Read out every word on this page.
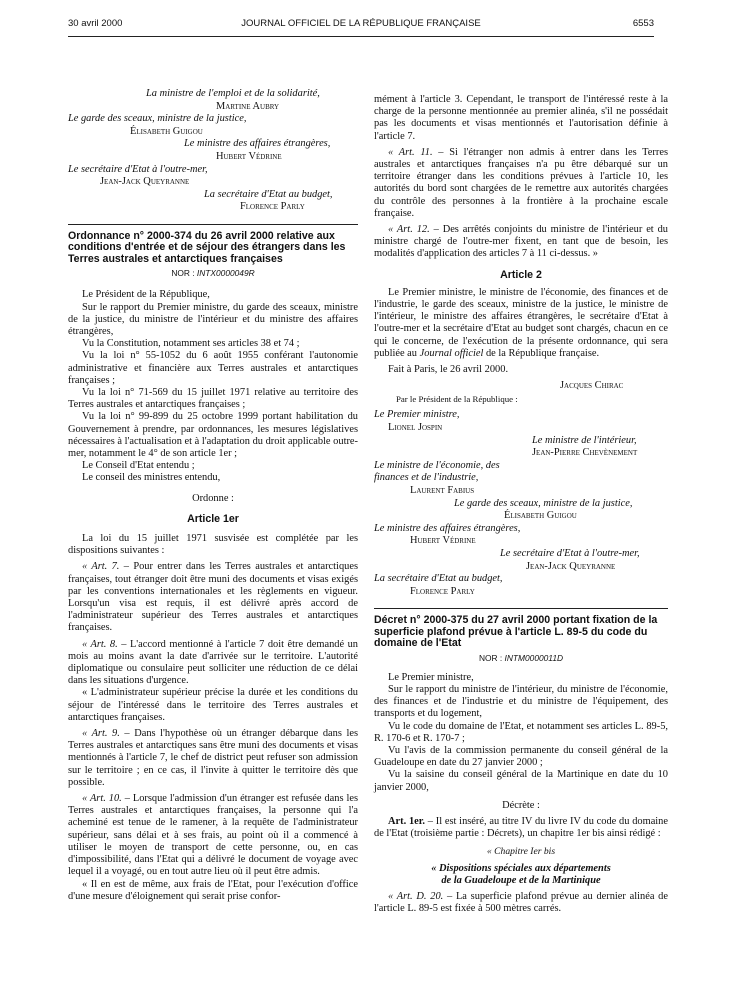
30 avril 2000	JOURNAL OFFICIEL DE LA RÉPUBLIQUE FRANÇAISE	6553
La ministre de l'emploi et de la solidarité,
Martine Aubry
Le garde des sceaux, ministre de la justice,
Élisabeth Guigou
Le ministre des affaires étrangères,
Hubert Védrine
Le secrétaire d'Etat à l'outre-mer,
Jean-Jack Queyranne
La secrétaire d'Etat au budget,
Florence Parly

Ordonnance n° 2000-374 du 26 avril 2000 relative aux conditions d'entrée et de séjour des étrangers dans les Terres australes et antarctiques françaises

NOR : INTX0000049R

Le Président de la République,

Sur le rapport du Premier ministre, du garde des sceaux, ministre de la justice, du ministre de l'intérieur et du ministre des affaires étrangères,

Vu la Constitution, notamment ses articles 38 et 74 ;

Vu la loi n° 55-1052 du 6 août 1955 conférant l'autonomie administrative et financière aux Terres australes et antarctiques françaises ;

Vu la loi n° 71-569 du 15 juillet 1971 relative au territoire des Terres australes et antarctiques françaises ;

Vu la loi n° 99-899 du 25 octobre 1999 portant habilitation du Gouvernement à prendre, par ordonnances, les mesures législatives nécessaires à l'actualisation et à l'adaptation du droit applicable outre-mer, notamment le 4° de son article 1er ;

Le Conseil d'Etat entendu ;

Le conseil des ministres entendu,

Ordonne :

Article 1er

La loi du 15 juillet 1971 susvisée est complétée par les dispositions suivantes :

« Art. 7. – Pour entrer dans les Terres australes et antarctiques françaises, tout étranger doit être muni des documents et visas exigés par les conventions internationales et les règlements en vigueur. Lorsqu'un visa est requis, il est délivré après accord de l'administrateur supérieur des Terres australes et antarctiques françaises.

« Art. 8. – L'accord mentionné à l'article 7 doit être demandé un mois au moins avant la date d'arrivée sur le territoire. L'autorité diplomatique ou consulaire peut solliciter une réduction de ce délai dans les situations d'urgence.

« L'administrateur supérieur précise la durée et les conditions du séjour de l'intéressé dans le territoire des Terres australes et antarctiques françaises.

« Art. 9. – Dans l'hypothèse où un étranger débarque dans les Terres australes et antarctiques sans être muni des documents et visas mentionnés à l'article 7, le chef de district peut refuser son admission sur le territoire ; en ce cas, il l'invite à quitter le territoire dès que possible.

« Art. 10. – Lorsque l'admission d'un étranger est refusée dans les Terres australes et antarctiques françaises, la personne qui l'a acheminé est tenue de le ramener, à la requête de l'administrateur supérieur, sans délai et à ses frais, au point où il a commencé à utiliser le moyen de transport de cette personne, ou, en cas d'impossibilité, dans l'Etat qui a délivré le document de voyage avec lequel il a voyagé, ou en tout autre lieu où il peut être admis.

« Il en est de même, aux frais de l'Etat, pour l'exécution d'office d'une mesure d'éloignement qui serait prise confor-

mément à l'article 3. Cependant, le transport de l'intéressé reste à la charge de la personne mentionnée au premier alinéa, s'il ne possédait pas les documents et visas mentionnés et l'autorisation définie à l'article 7.

« Art. 11. – Si l'étranger non admis à entrer dans les Terres australes et antarctiques françaises n'a pu être débarqué sur un territoire étranger dans les conditions prévues à l'article 10, les autorités du bord sont chargées de le remettre aux autorités chargées du contrôle des personnes à la frontière à la prochaine escale française.

« Art. 12. – Des arrêtés conjoints du ministre de l'intérieur et du ministre chargé de l'outre-mer fixent, en tant que de besoin, les modalités d'application des articles 7 à 11 ci-dessus. »

Article 2

Le Premier ministre, le ministre de l'économie, des finances et de l'industrie, le garde des sceaux, ministre de la justice, le ministre de l'intérieur, le ministre des affaires étrangères, le secrétaire d'Etat à l'outre-mer et la secrétaire d'Etat au budget sont chargés, chacun en ce qui le concerne, de l'exécution de la présente ordonnance, qui sera publiée au Journal officiel de la République française.

Fait à Paris, le 26 avril 2000.

Jacques Chirac
Par le Président de la République :
Le Premier ministre,
Lionel Jospin
Le ministre de l'intérieur,
Jean-Pierre Chevènement
Le ministre de l'économie, des finances et de l'industrie,
Laurent Fabius
Le garde des sceaux, ministre de la justice,
Élisabeth Guigou
Le ministre des affaires étrangères,
Hubert Védrine
Le secrétaire d'Etat à l'outre-mer,
Jean-Jack Queyranne
La secrétaire d'Etat au budget,
Florence Parly

Décret n° 2000-375 du 27 avril 2000 portant fixation de la superficie plafond prévue à l'article L. 89-5 du code du domaine de l'Etat

NOR : INTM0000011D

Le Premier ministre,

Sur le rapport du ministre de l'intérieur, du ministre de l'économie, des finances et de l'industrie et du ministre de l'équipement, des transports et du logement,

Vu le code du domaine de l'Etat, et notamment ses articles L. 89-5, R. 170-6 et R. 170-7 ;

Vu l'avis de la commission permanente du conseil général de la Guadeloupe en date du 27 janvier 2000 ;

Vu la saisine du conseil général de la Martinique en date du 10 janvier 2000,

Décrète :

Art. 1er. – Il est inséré, au titre IV du livre IV du code du domaine de l'Etat (troisième partie : Décrets), un chapitre 1er bis ainsi rédigé :

« Chapitre Ier bis

« Dispositions spéciales aux départements

de la Guadeloupe et de la Martinique

« Art. D. 20. – La superficie plafond prévue au dernier alinéa de l'article L. 89-5 est fixée à 500 mètres carrés.
